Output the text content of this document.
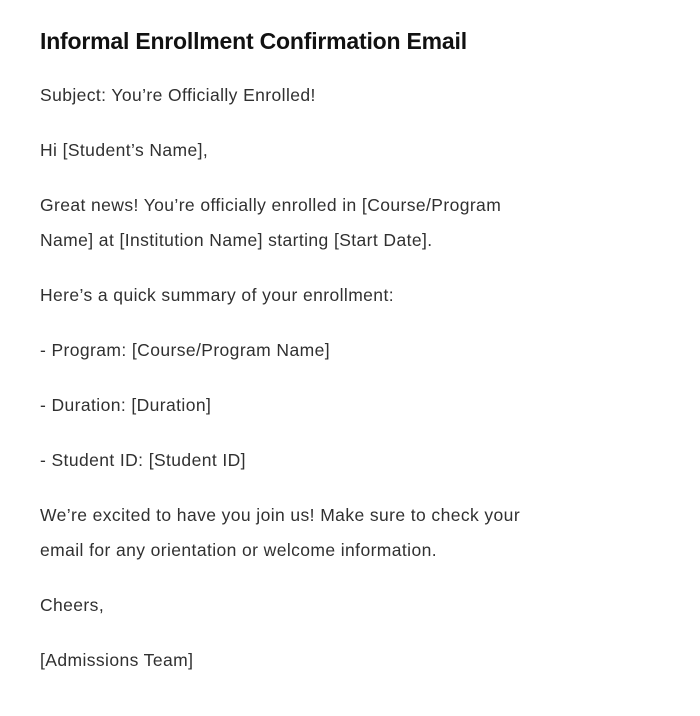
Informal Enrollment Confirmation Email

Subject: You’re Officially Enrolled!

Hi [Student’s Name],

Great news! You’re officially enrolled in [Course/Program
Name] at [Institution Name] starting [Start Date].

Here’s a quick summary of your enrollment:

- Program: [Course/Program Name]

- Duration: [Duration]

- Student ID: [Student ID]

We’re excited to have you join us! Make sure to check your
email for any orientation or welcome information.

Cheers,

[Admissions Team]
